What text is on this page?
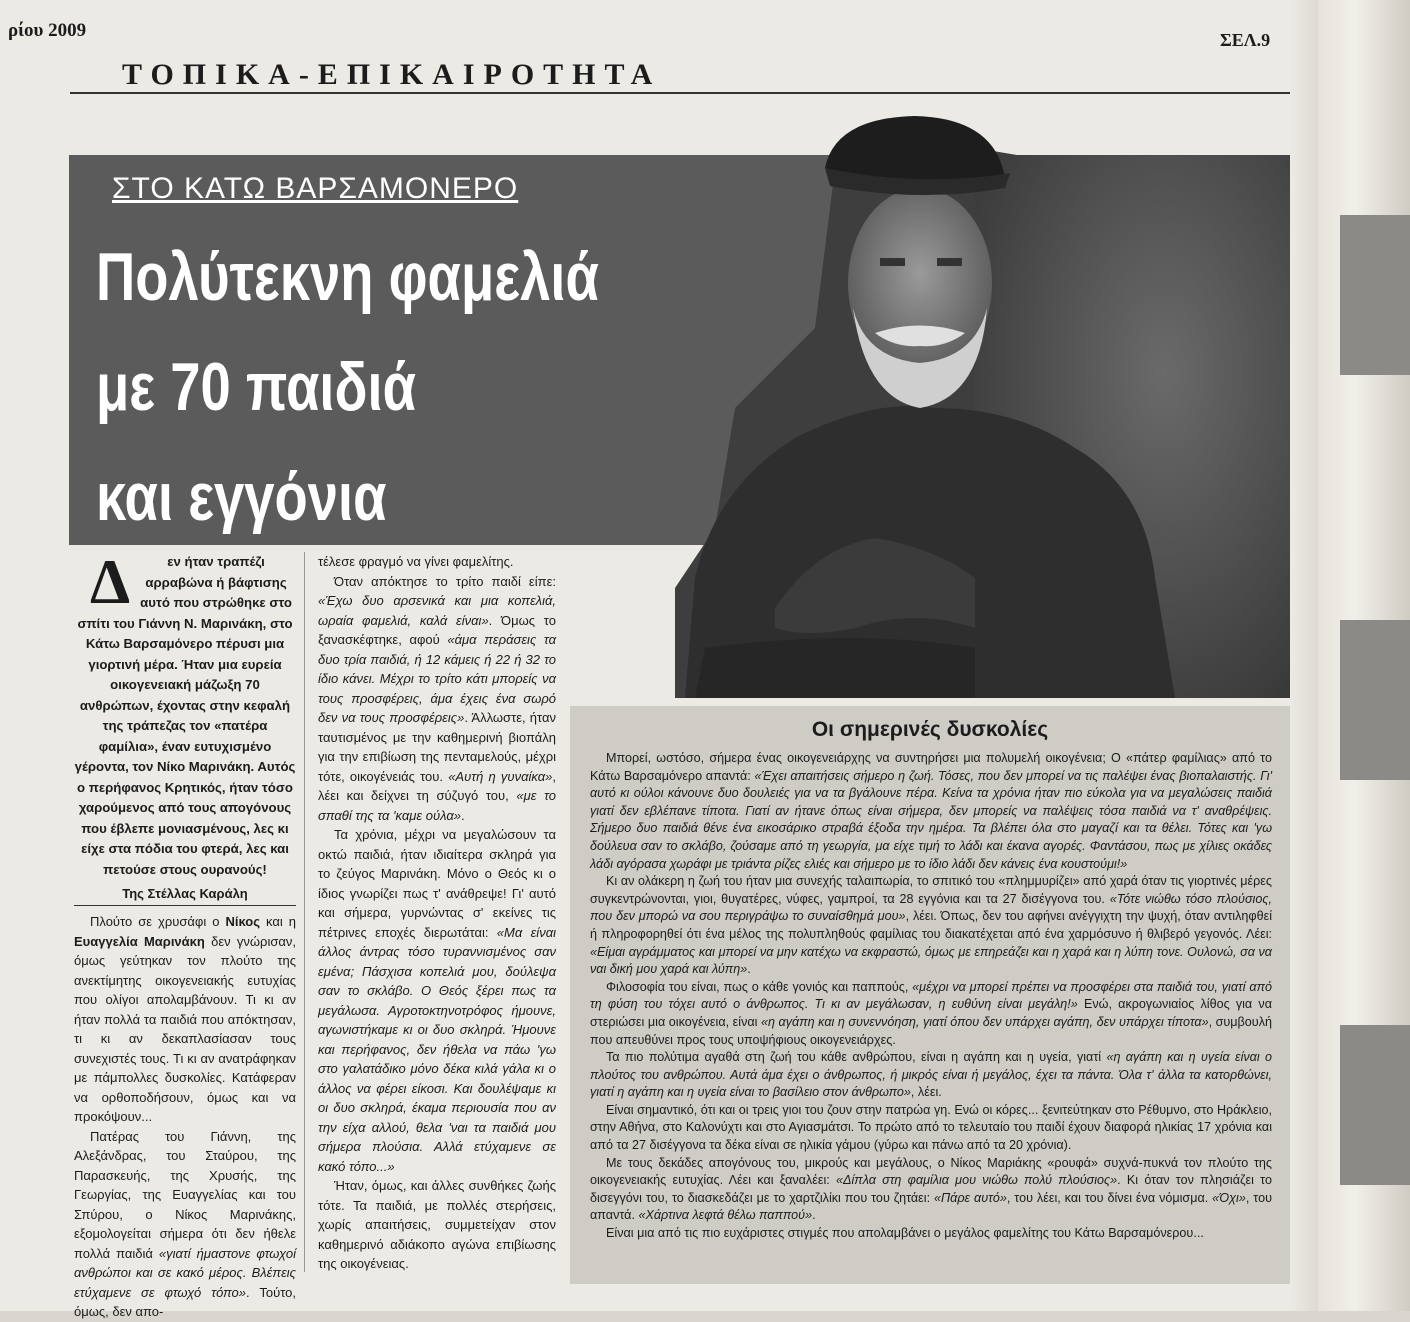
ρίου 2009	ΣΕΛ.9
ΤΟΠΙΚΑ-ΕΠΙΚΑΙΡΟΤΗΤΑ
ΣΤΟ ΚΑΤΩ ΒΑΡΣΑΜΟΝΕΡΟ
Πολύτεκνη φαμελιά
με 70 παιδιά
και εγγόνια
Δ	εν ήταν τραπέζι αρραβώνα ή βάφτισης αυτό που στρώθηκε στο σπίτι του Γιάννη Ν. Μαρινάκη, στο Κάτω Βαρσαμόνερο πέρυσι μια γιορτινή μέρα. Ήταν μια ευρεία οικογενειακή μάζωξη 70 ανθρώπων, έχοντας στην κεφαλή της τράπεζας τον «πατέρα φαμίλια», έναν ευτυχισμένο γέροντα, τον Νίκο Μαρινάκη. Αυτός ο περήφανος Κρητικός, ήταν τόσο χαρούμενος από τους απογόνους που έβλεπε μονιασμένους, λες κι είχε στα πόδια του φτερά, λες και πετούσε στους ουρανούς!
Της Στέλλας Καράλη

Πλούτο σε χρυσάφι ο Νίκος και η Ευαγγελία Μαρινάκη δεν γνώρισαν, όμως γεύτηκαν τον πλούτο της ανεκτίμητης οικογενειακής ευτυχίας που ολίγοι απολαμβάνουν. Τι κι αν ήταν πολλά τα παιδιά που απόκτησαν, τι κι αν δεκαπλασίασαν τους συνεχιστές τους. Τι κι αν ανατράφηκαν με πάμπολλες δυσκολίες. Κατάφεραν να ορθοποδήσουν, όμως και να προκόψουν...

Πατέρας του Γιάννη, της Αλεξάνδρας, του Σταύρου, της Παρασκευής, της Χρυσής, της Γεωργίας, της Ευαγγελίας και του Σπύρου, ο Νίκος Μαρινάκης, εξομολογείται σήμερα ότι δεν ήθελε πολλά παιδιά «γιατί ήμαστονε φτωχοί ανθρώποι και σε κακό μέρος. Βλέπεις ετύχαμενε σε φτωχό τόπο». Τούτο, όμως, δεν απο-

τέλεσε φραγμό να γίνει φαμελίτης.

Όταν απόκτησε το τρίτο παιδί είπε: «Έχω δυο αρσενικά και μια κοπελιά, ωραία φαμελιά, καλά είναι». Όμως το ξανασκέφτηκε, αφού «άμα περάσεις τα δυο τρία παιδιά, ή 12 κάμεις ή 22 ή 32 το ίδιο κάνει. Μέχρι το τρίτο κάτι μπορείς να τους προσφέρεις, άμα έχεις ένα σωρό δεν να τους προσφέρεις». Άλλωστε, ήταν ταυτισμένος με την καθημερινή βιοπάλη για την επιβίωση της πενταμελούς, μέχρι τότε, οικογένειάς του. «Αυτή η γυναίκα», λέει και δείχνει τη σύζυγό του, «με το σπαθί της τα 'καμε ούλα».

Τα χρόνια, μέχρι να μεγαλώσουν τα οκτώ παιδιά, ήταν ιδιαίτερα σκληρά για το ζεύγος Μαρινάκη. Μόνο ο Θεός κι ο ίδιος γνωρίζει πως τ' ανάθρεψε! Γι' αυτό και σήμερα, γυρνώντας σ' εκείνες τις πέτρινες εποχές διερωτάται: «Μα είναι άλλος άντρας τόσο τυραννισμένος σαν εμένα; Πάσχισα κοπελιά μου, δούλεψα σαν το σκλάβο. Ο Θεός ξέρει πως τα μεγάλωσα. Αγροτοκτηνοτρόφος ήμουνε, αγωνιστήκαμε κι οι δυο σκληρά. Ήμουνε και περήφανος, δεν ήθελα να πάω 'γω στο γαλατάδικο μόνο δέκα κιλά γάλα κι ο άλλος να φέρει είκοσι. Και δουλέψαμε κι οι δυο σκληρά, έκαμα περιουσία που αν την είχα αλλού, θελα 'ναι τα παιδιά μου σήμερα πλούσια. Αλλά ετύχαμενε σε κακό τόπο...»

Ήταν, όμως, και άλλες συνθήκες ζωής τότε. Τα παιδιά, με πολλές στερήσεις, χωρίς απαιτήσεις, συμμετείχαν στον καθημερινό αδιάκοπο αγώνα επιβίωσης της οικογένειας.

Οι σημερινές δυσκολίες

Μπορεί, ωστόσο, σήμερα ένας οικογενειάρχης να συντηρήσει μια πολυμελή οικογένεια; Ο «πάτερ φαμίλιας» από το Κάτω Βαρσαμόνερο απαντά: «Έχει απαιτήσεις σήμερο η ζωή. Τόσες, που δεν μπορεί να τις παλέψει ένας βιοπαλαιστής. Γι' αυτό κι ούλοι κάνουνε δυο δουλειές για να τα βγάλουνε πέρα. Κείνα τα χρόνια ήταν πιο εύκολα για να μεγαλώσεις παιδιά γιατί δεν εβλέπανε τίποτα. Γιατί αν ήτανε όπως είναι σήμερα, δεν μπορείς να παλέψεις τόσα παιδιά να τ' αναθρέψεις. Σήμερο δυο παιδιά θένε ένα εικοσάρικο στραβά έξοδα την ημέρα. Τα βλέπει όλα στο μαγαζί και τα θέλει. Τότες και 'γω δούλευα σαν το σκλάβο, ζούσαμε από τη γεωργία, μα είχε τιμή το λάδι και έκανα αγορές. Φαντάσου, πως με χίλιες οκάδες λάδι αγόρασα χωράφι με τριάντα ρίζες ελιές και σήμερο με το ίδιο λάδι δεν κάνεις ένα κουστούμι!»

Κι αν ολάκερη η ζωή του ήταν μια συνεχής ταλαιπωρία, το σπιτικό του «πλημμυρίζει» από χαρά όταν τις γιορτινές μέρες συγκεντρώνονται, γιοι, θυγατέρες, νύφες, γαμπροί, τα 28 εγγόνια και τα 27 δισέγγονα του. «Τότε νιώθω τόσο πλούσιος, που δεν μπορώ να σου περιγράψω το συναίσθημά μου», λέει. Όπως, δεν του αφήνει ανέγγιχτη την ψυχή, όταν αντιληφθεί ή πληροφορηθεί ότι ένα μέλος της πολυπληθούς φαμίλιας του διακατέχεται από ένα χαρμόσυνο ή θλιβερό γεγονός. Λέει: «Είμαι αγράμματος και μπορεί να μην κατέχω να εκφραστώ, όμως με επηρεάζει και η χαρά και η λύπη τονε. Ουλονώ, σα να ναι δική μου χαρά και λύπη».

Φιλοσοφία του είναι, πως ο κάθε γονιός και παππούς, «μέχρι να μπορεί πρέπει να προσφέρει στα παιδιά του, γιατί από τη φύση του τόχει αυτό ο άνθρωπος. Τι κι αν μεγάλωσαν, η ευθύνη είναι μεγάλη!» Ενώ, ακρογωνιαίος λίθος για να στεριώσει μια οικογένεια, είναι «η αγάπη και η συνεννόηση, γιατί όπου δεν υπάρχει αγάπη, δεν υπάρχει τίποτα», συμβουλή που απευθύνει προς τους υποψήφιους οικογενειάρχες.

Τα πιο πολύτιμα αγαθά στη ζωή του κάθε ανθρώπου, είναι η αγάπη και η υγεία, γιατί «η αγάπη και η υγεία είναι ο πλούτος του ανθρώπου. Αυτά άμα έχει ο άνθρωπος, ή μικρός είναι ή μεγάλος, έχει τα πάντα. Όλα τ' άλλα τα κατορθώνει, γιατί η αγάπη και η υγεία είναι το βασίλειο στον άνθρωπο», λέει.

Είναι σημαντικό, ότι και οι τρεις γιοι του ζουν στην πατρώα γη. Ενώ οι κόρες... ξενιτεύτηκαν στο Ρέθυμνο, στο Ηράκλειο, στην Αθήνα, στο Καλονύχτι και στο Αγιασμάτσι. Το πρώτο από το τελευταίο του παιδί έχουν διαφορά ηλικίας 17 χρόνια και από τα 27 δισέγγονα τα δέκα είναι σε ηλικία γάμου (γύρω και πάνω από τα 20 χρόνια).

Με τους δεκάδες απογόνους του, μικρούς και μεγάλους, ο Νίκος Μαριάκης «ρουφά» συχνά-πυκνά τον πλούτο της οικογενειακής ευτυχίας. Λέει και ξαναλέει: «Δίπλα στη φαμίλια μου νιώθω πολύ πλούσιος». Κι όταν τον πλησιάζει το δισεγγόνι του, το διασκεδάζει με το χαρτζιλίκι που του ζητάει: «Πάρε αυτό», του λέει, και του δίνει ένα νόμισμα. «Όχι», του απαντά. «Χάρτινα λεφτά θέλω παππού».

Είναι μια από τις πιο ευχάριστες στιγμές που απολαμβάνει ο μεγάλος φαμελίτης του Κάτω Βαρσαμόνερου...
